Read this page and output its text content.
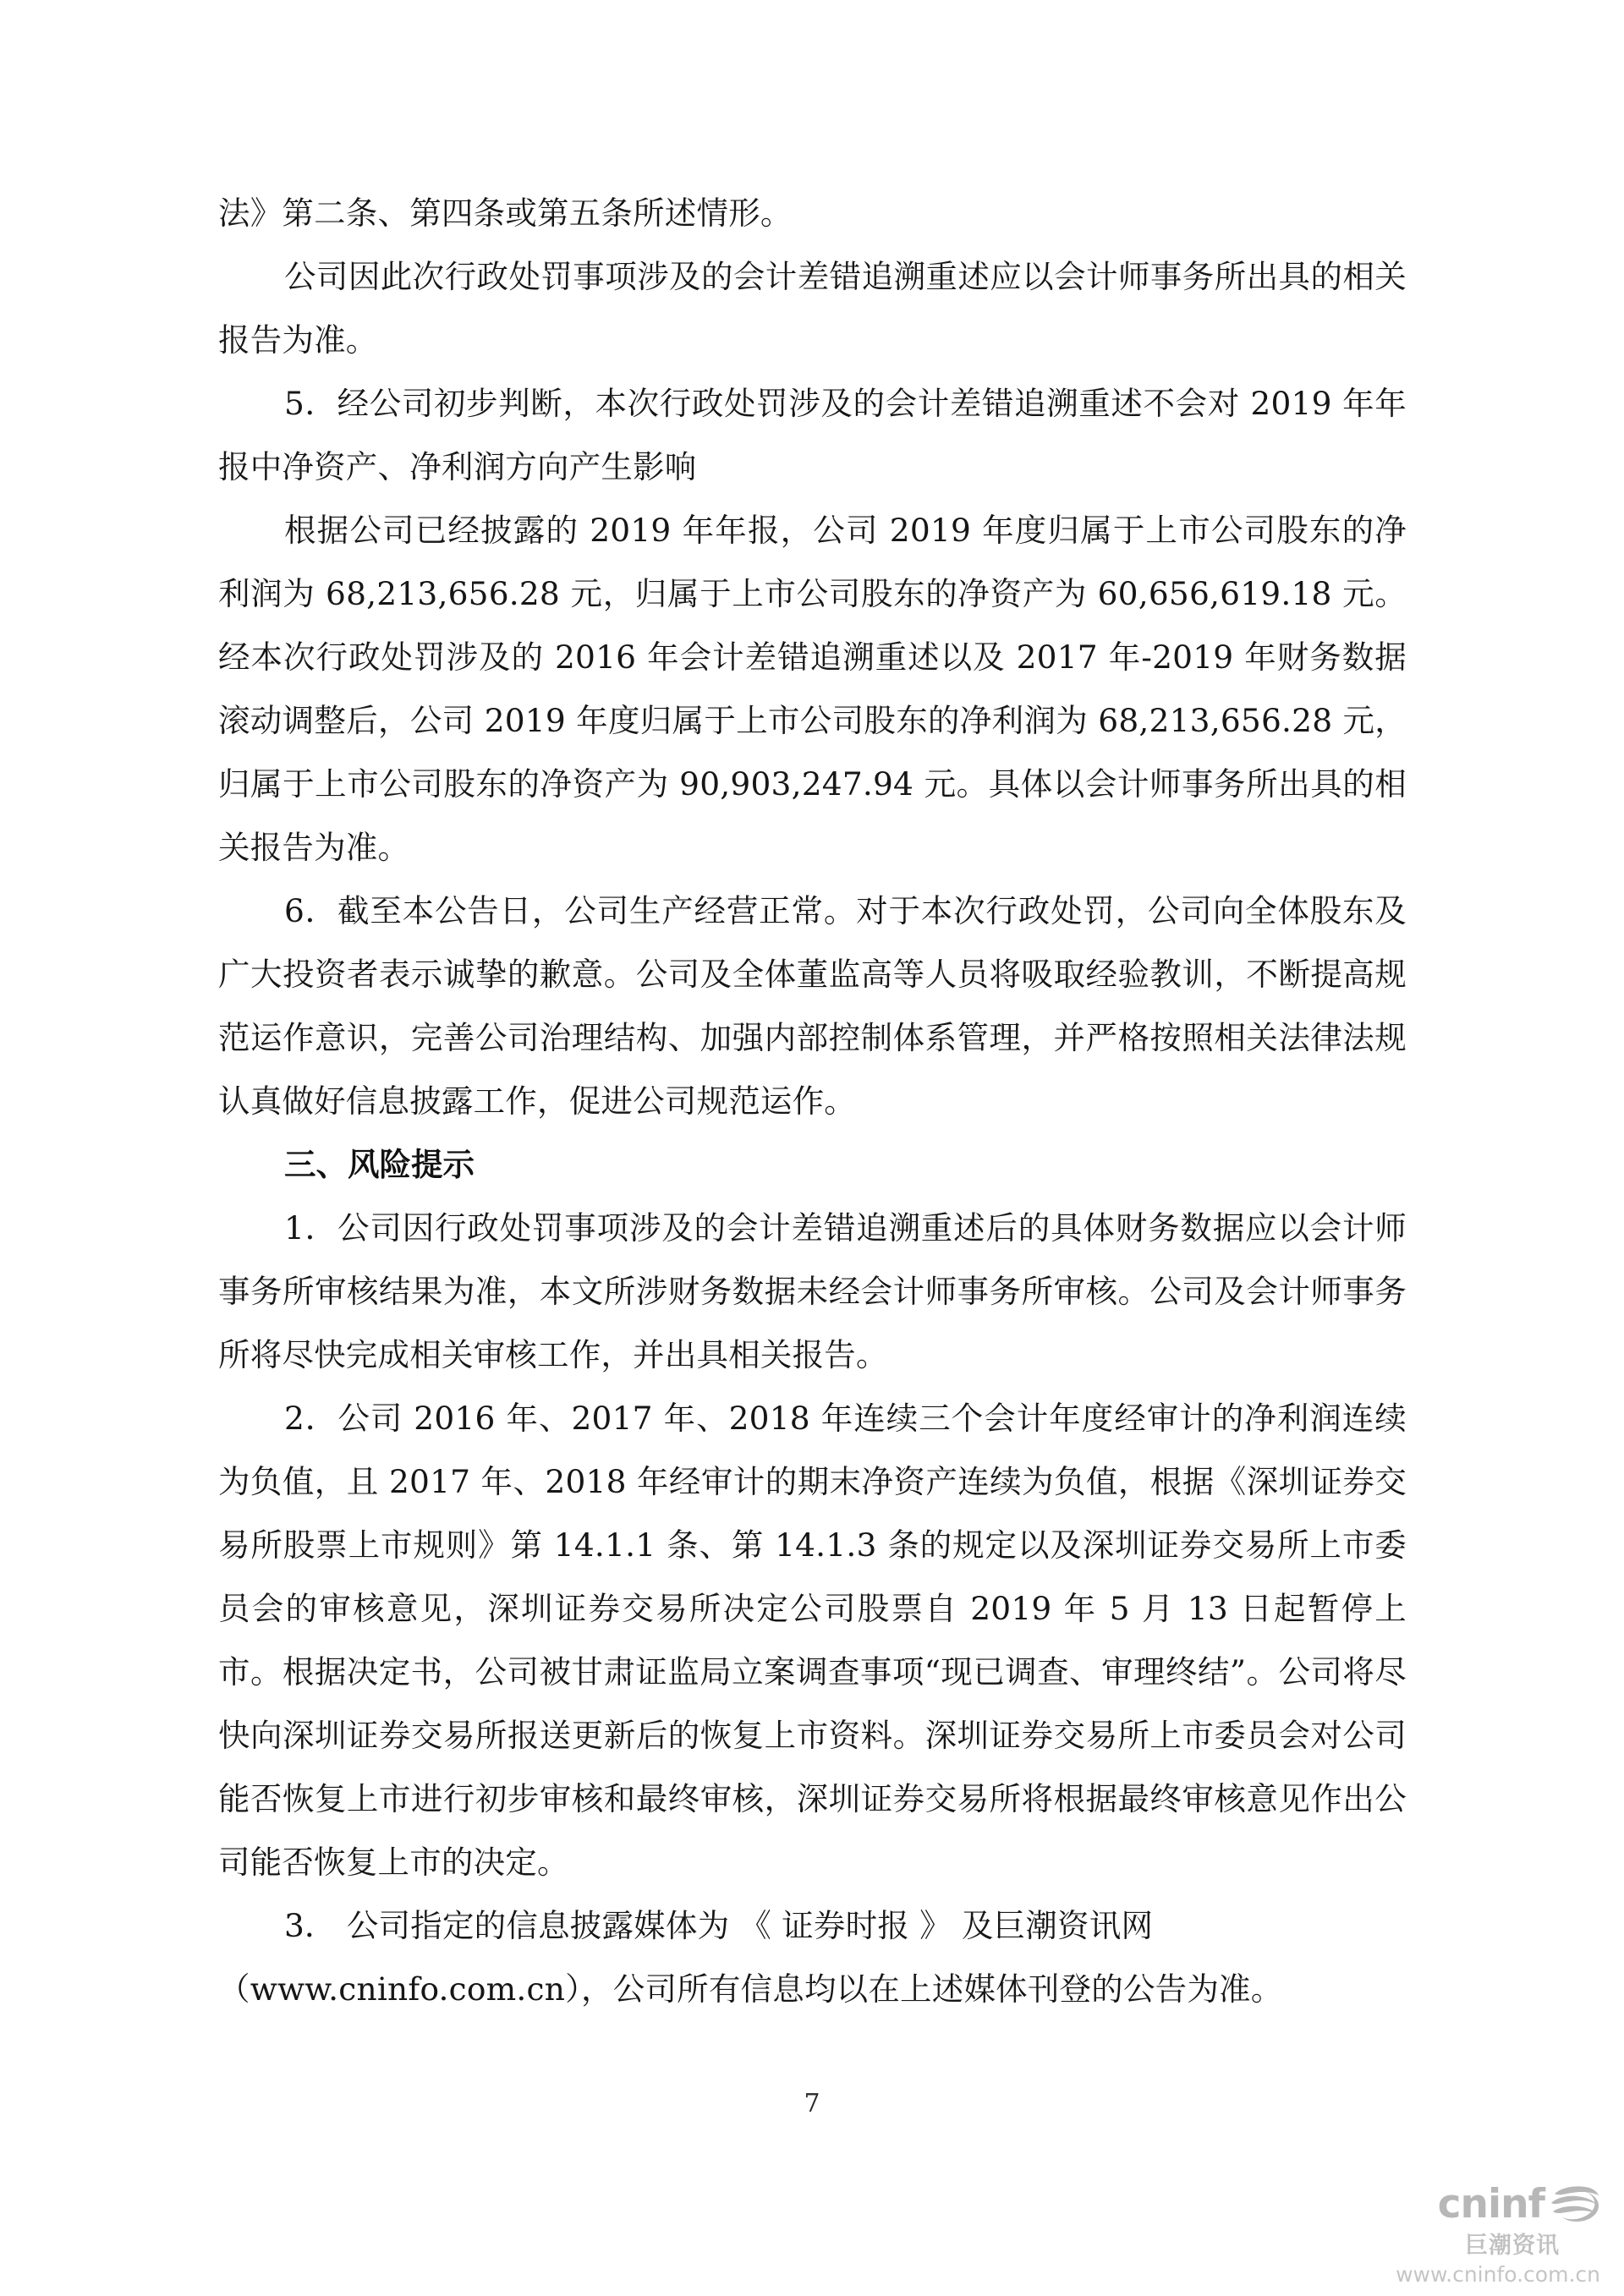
法》第二条、第四条或第五条所述情形。

公司因此次行政处罚事项涉及的会计差错追溯重述应以会计师事务所出具的相关报告为准。

5．经公司初步判断，本次行政处罚涉及的会计差错追溯重述不会对 2019 年年报中净资产、净利润方向产生影响

根据公司已经披露的 2019 年年报，公司 2019 年度归属于上市公司股东的净利润为 68,213,656.28 元，归属于上市公司股东的净资产为 60,656,619.18 元。经本次行政处罚涉及的 2016 年会计差错追溯重述以及 2017 年-2019 年财务数据滚动调整后，公司 2019 年度归属于上市公司股东的净利润为 68,213,656.28 元，归属于上市公司股东的净资产为 90,903,247.94 元。具体以会计师事务所出具的相关报告为准。

6．截至本公告日，公司生产经营正常。对于本次行政处罚，公司向全体股东及广大投资者表示诚挚的歉意。公司及全体董监高等人员将吸取经验教训，不断提高规范运作意识，完善公司治理结构、加强内部控制体系管理，并严格按照相关法律法规认真做好信息披露工作，促进公司规范运作。

三、风险提示

1．公司因行政处罚事项涉及的会计差错追溯重述后的具体财务数据应以会计师事务所审核结果为准，本文所涉财务数据未经会计师事务所审核。公司及会计师事务所将尽快完成相关审核工作，并出具相关报告。

2．公司 2016 年、2017 年、2018 年连续三个会计年度经审计的净利润连续为负值，且 2017 年、2018 年经审计的期末净资产连续为负值，根据《深圳证券交易所股票上市规则》第 14.1.1 条、第 14.1.3 条的规定以及深圳证券交易所上市委员会的审核意见，深圳证券交易所决定公司股票自 2019 年 5 月 13 日起暂停上市。根据决定书，公司被甘肃证监局立案调查事项“现已调查、审理终结”。公司将尽快向深圳证券交易所报送更新后的恢复上市资料。深圳证券交易所上市委员会对公司能否恢复上市进行初步审核和最终审核，深圳证券交易所将根据最终审核意见作出公司能否恢复上市的决定。

3． 公司指定的信息披露媒体为 《 证券时报 》 及巨潮资讯网

（www.cninfo.com.cn），公司所有信息均以在上述媒体刊登的公告为准。

7
cninf
巨潮资讯
www.cninfo.com.cn
